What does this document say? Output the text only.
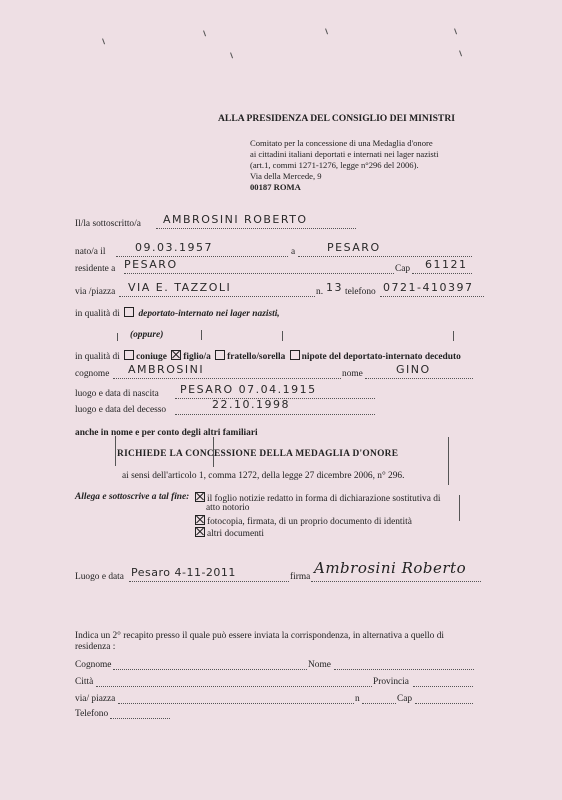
ALLA PRESIDENZA DEL CONSIGLIO DEI MINISTRI
Comitato per la concessione di una Medaglia d'onore
ai cittadini italiani deportati e internati nei lager nazisti
(art.1, commi 1271-1276, legge n°296 del 2006).
Via della Mercede, 9
00187 ROMA
Il/la sottoscritto/a AMBROSINI ROBERTO
nato/a il	09.03.1957	a	PESARO
residente a PESARO	Cap 61121
via /piazza VIA E. TAZZOLI	n. 13 telefono 0721-410397
in qualità di deportato-internato nei lager nazisti,
(oppure)
in qualità di coniuge figlio/a fratello/sorella nipote del deportato-internato deceduto
cognome AMBROSINI	nome	GINO
luogo e data di nascita PESARO 07.04.1915
luogo e data del decesso	22.10.1998
anche in nome e per conto degli altri familiari
RICHIEDE LA CONCESSIONE DELLA MEDAGLIA D'ONORE
ai sensi dell'articolo 1, comma 1272, della legge 27 dicembre 2006, n° 296.
Allega e sottoscrive a tal fine:	il foglio notizie redatto in forma di dichiarazione sostitutiva di
atto notorio
fotocopia, firmata, di un proprio documento di identità
altri documenti
Luogo e data Pesaro 4-11-2011	firma Ambrosini Roberto
Indica un 2° recapito presso il quale può essere inviata la corrispondenza, in alternativa a quello di
residenza :
Cognome	Nome
Città	Provincia
via/ piazza	n	Cap
Telefono
